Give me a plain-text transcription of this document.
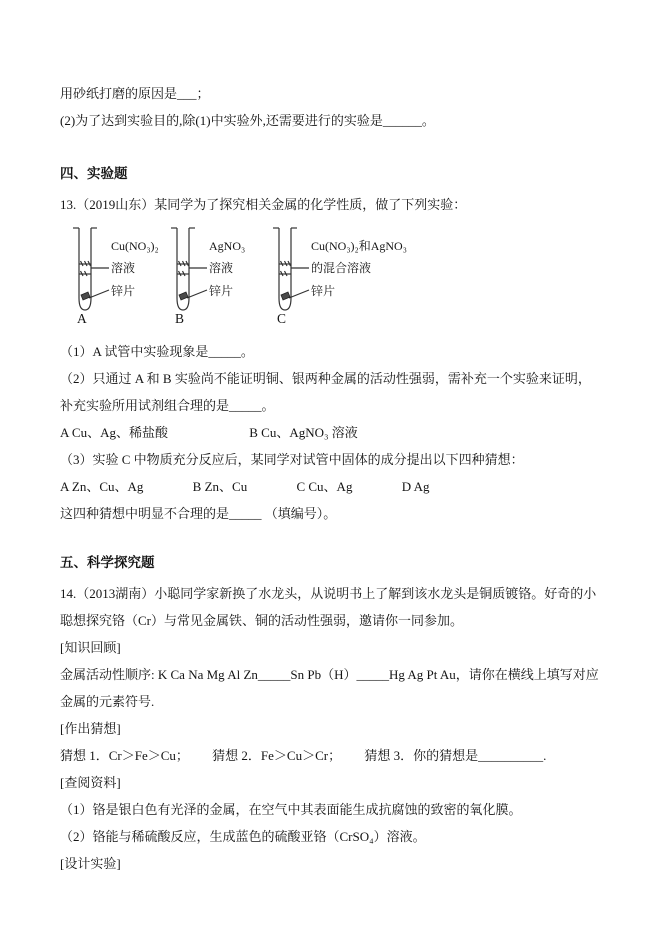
用砂纸打磨的原因是___；

(2)为了达到实验目的,除(1)中实验外,还需要进行的实验是______。

四、实验题

13.（2019山东）某同学为了探究相关金属的化学性质，做了下列实验：

Cu(NO₃)₂
溶液
锌片
A
AgNO₃
溶液
锌片
B
Cu(NO₃)₂和AgNO₃
的混合溶液
锌片
C

（1）A 试管中实验现象是_____。

（2）只通过 A 和 B 实验尚不能证明铜、银两种金属的活动性强弱，需补充一个实验来证明，补充实验所用试剂组合理的是_____。

A Cu、Ag、稀盐酸	B Cu、AgNO₃ 溶液

（3）实验 C 中物质充分反应后，某同学对试管中固体的成分提出以下四种猜想：

A Zn、Cu、Ag	B Zn、Cu	C Cu、Ag	D Ag

这四种猜想中明显不合理的是_____ （填编号）。

五、科学探究题

14.（2013湖南）小聪同学家新换了水龙头，从说明书上了解到该水龙头是铜质镀铬。好奇的小聪想探究铬（Cr）与常见金属铁、铜的活动性强弱，邀请你一同参加。

[知识回顾]

金属活动性顺序: K Ca Na Mg Al Zn_____Sn Pb（H）_____Hg Ag Pt Au，请你在横线上填写对应金属的元素符号.

[作出猜想]

猜想 1．Cr＞Fe＞Cu； 猜想 2．Fe＞Cu＞Cr； 猜想 3．你的猜想是__________.

[查阅资料]

（1）铬是银白色有光泽的金属，在空气中其表面能生成抗腐蚀的致密的氧化膜。

（2）铬能与稀硫酸反应，生成蓝色的硫酸亚铬（CrSO₄）溶液。

[设计实验]
